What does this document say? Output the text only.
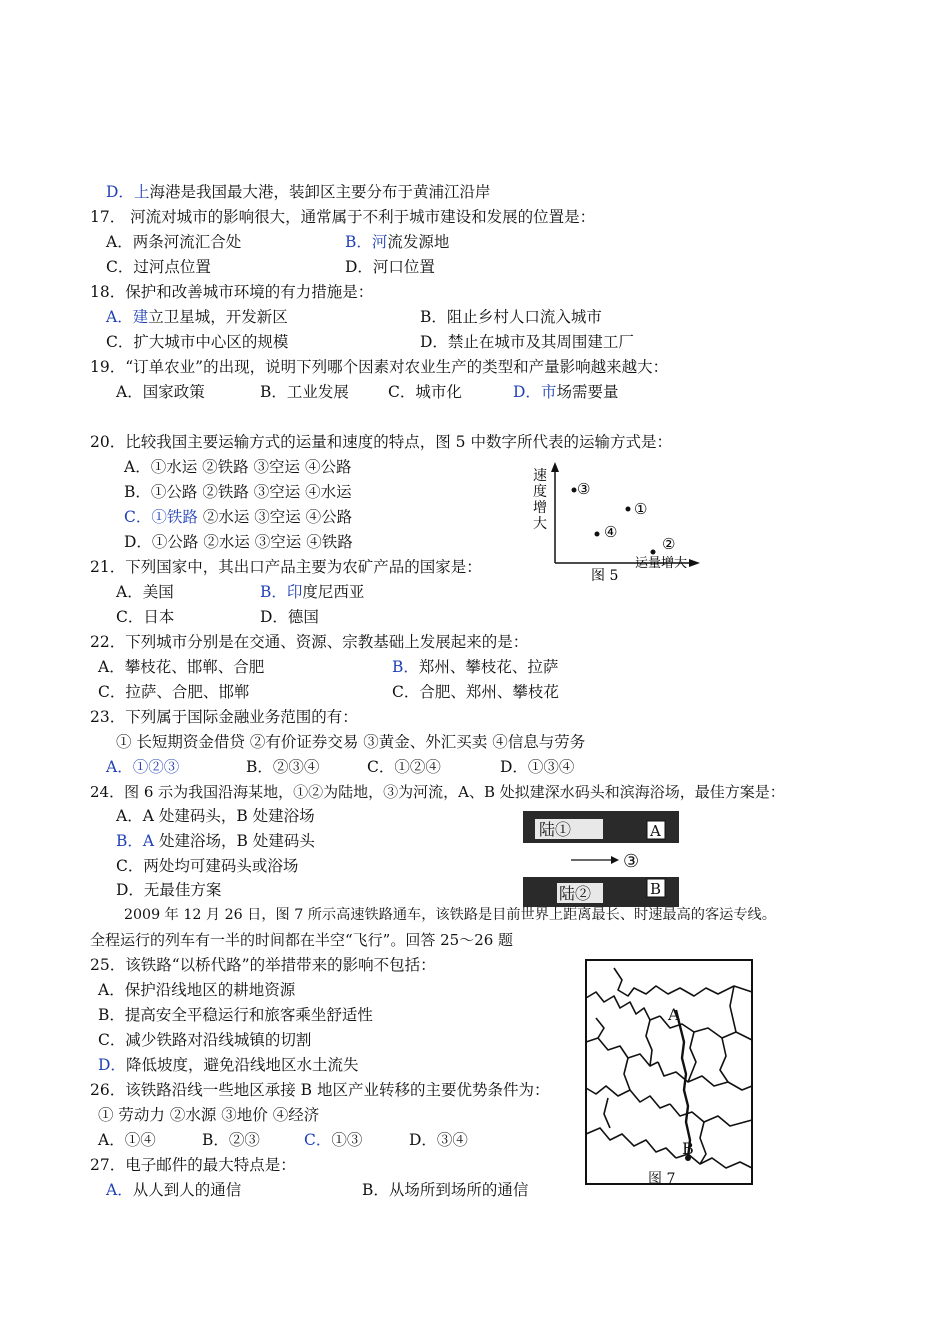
D．上海港是我国最大港，装卸区主要分布于黄浦江沿岸
17． 河流对城市的影响很大，通常属于不利于城市建设和发展的位置是：
A．两条河流汇合处	B．河流发源地
C．过河点位置	D．河口位置
18．保护和改善城市环境的有力措施是：
A．建立卫星城，开发新区	B．阻止乡村人口流入城市
C．扩大城市中心区的规模	D．禁止在城市及其周围建工厂
19．“订单农业”的出现，说明下列哪个因素对农业生产的类型和产量影响越来越大：
A．国家政策	B．工业发展	C．城市化	D．市场需要量
20．比较我国主要运输方式的运量和速度的特点，图 5 中数字所代表的运输方式是：
A．①水运 ②铁路 ③空运 ④公路
B．①公路 ②铁路 ③空运 ④水运
C．①铁路 ②水运 ③空运 ④公路
D．①公路 ②水运 ③空运 ④铁路
速
度
增
大
③
①
④
②
运量增大
图 5
21．下列国家中，其出口产品主要为农矿产品的国家是：
A．美国	B．印度尼西亚
C．日本	D．德国
22．下列城市分别是在交通、资源、宗教基础上发展起来的是：
A．攀枝花、邯郸、合肥	B．郑州、攀枝花、拉萨
C．拉萨、合肥、邯郸	C．合肥、郑州、攀枝花
23．下列属于国际金融业务范围的有：
① 长短期资金借贷 ②有价证券交易 ③黄金、外汇买卖 ④信息与劳务
A．①②③	B．②③④	C．①②④	D．①③④
24．图 6 示为我国沿海某地，①②为陆地，③为河流，A、B 处拟建深水码头和滨海浴场，最佳方案是：
A．A 处建码头，B 处建浴场
B．A 处建浴场，B 处建码头
C．两处均可建码头或浴场
D．无最佳方案
陆①	A
③
陆②	B
2009 年 12 月 26 日，图 7 所示高速铁路通车，该铁路是目前世界上距离最长、时速最高的客运专线。
全程运行的列车有一半的时间都在半空“飞行”。回答 25～26 题
25．该铁路“以桥代路”的举措带来的影响不包括：
A．保护沿线地区的耕地资源
B．提高安全平稳运行和旅客乘坐舒适性
C．减少铁路对沿线城镇的切割
D．降低坡度，避免沿线地区水土流失
26．该铁路沿线一些地区承接 B 地区产业转移的主要优势条件为：
① 劳动力 ②水源 ③地价 ④经济
A．①④	B．②③	C．①③	D．③④
A
B
图 7
27．电子邮件的最大特点是：
A．从人到人的通信	B．从场所到场所的通信
